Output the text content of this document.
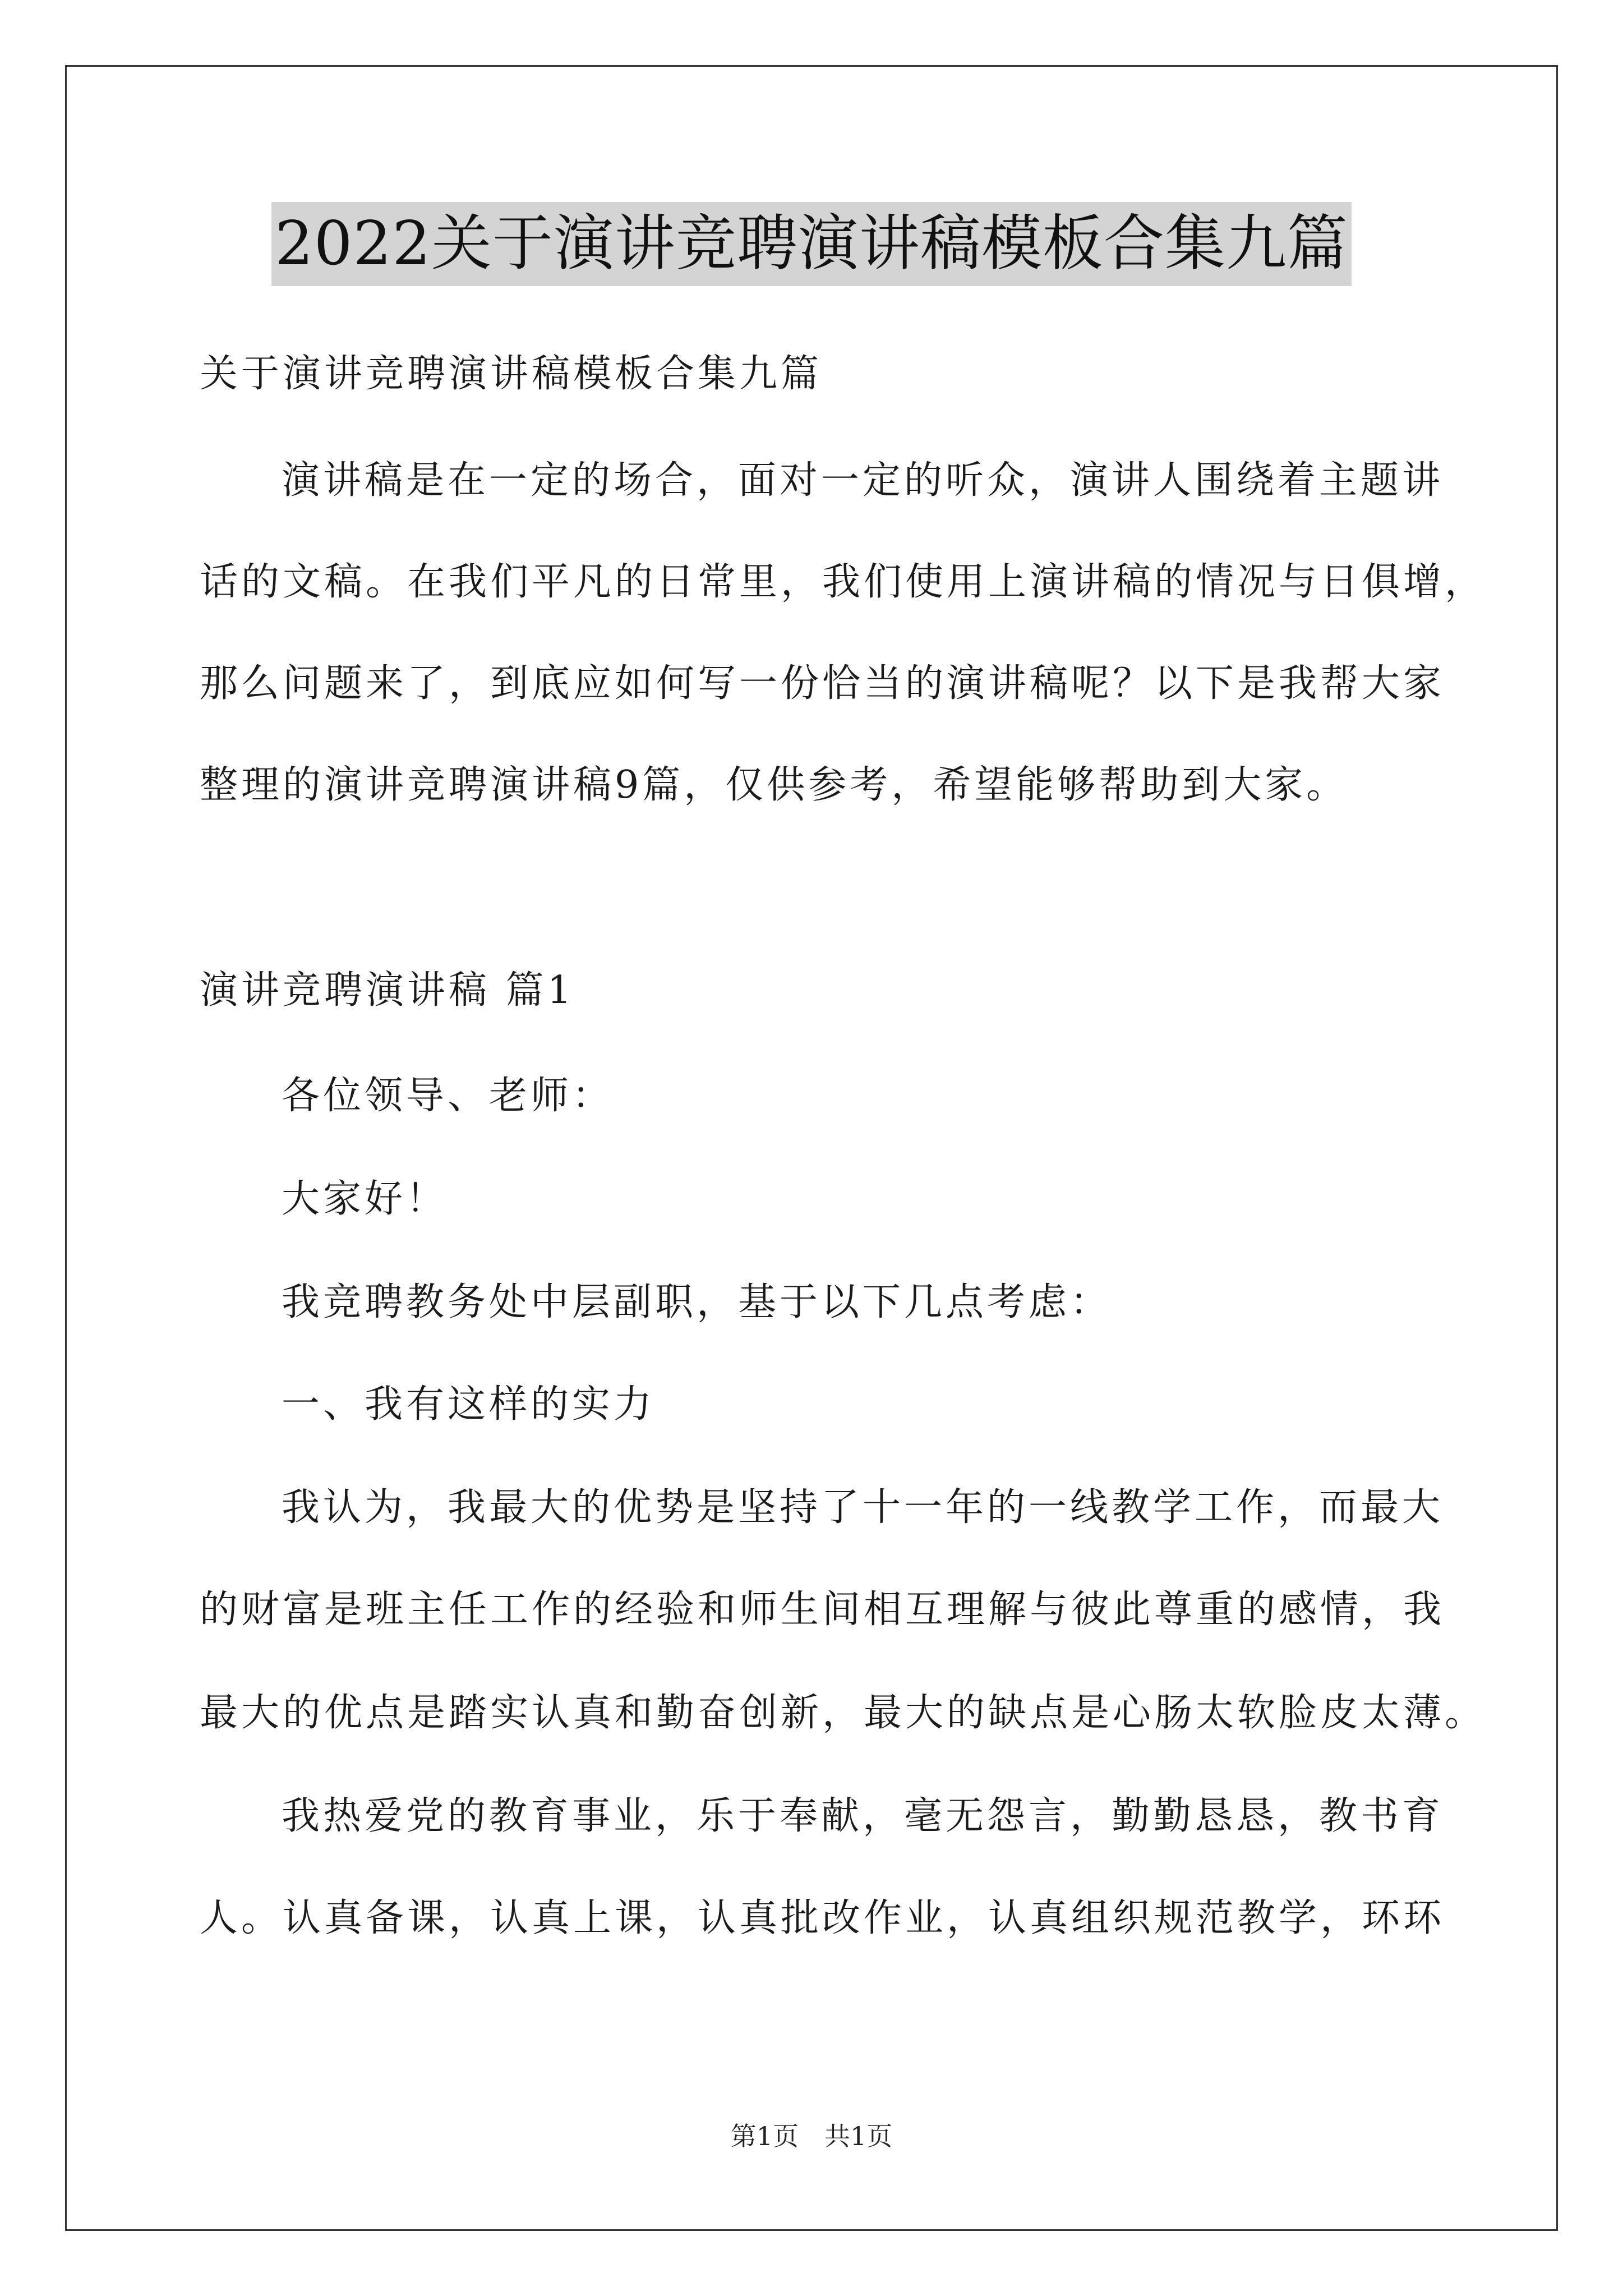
2022关于演讲竞聘演讲稿模板合集九篇
关于演讲竞聘演讲稿模板合集九篇
演讲稿是在一定的场合，面对一定的听众，演讲人围绕着主题讲
话的文稿。在我们平凡的日常里，我们使用上演讲稿的情况与日俱增，
那么问题来了，到底应如何写一份恰当的演讲稿呢？以下是我帮大家
整理的演讲竞聘演讲稿9篇，仅供参考，希望能够帮助到大家。
演讲竞聘演讲稿 篇1
各位领导、老师：
大家好！
我竞聘教务处中层副职，基于以下几点考虑：
一、我有这样的实力
我认为，我最大的优势是坚持了十一年的一线教学工作，而最大
的财富是班主任工作的经验和师生间相互理解与彼此尊重的感情，我
最大的优点是踏实认真和勤奋创新，最大的缺点是心肠太软脸皮太薄。
我热爱党的教育事业，乐于奉献，毫无怨言，勤勤恳恳，教书育
人。认真备课，认真上课，认真批改作业，认真组织规范教学，环环
第1页　共1页
